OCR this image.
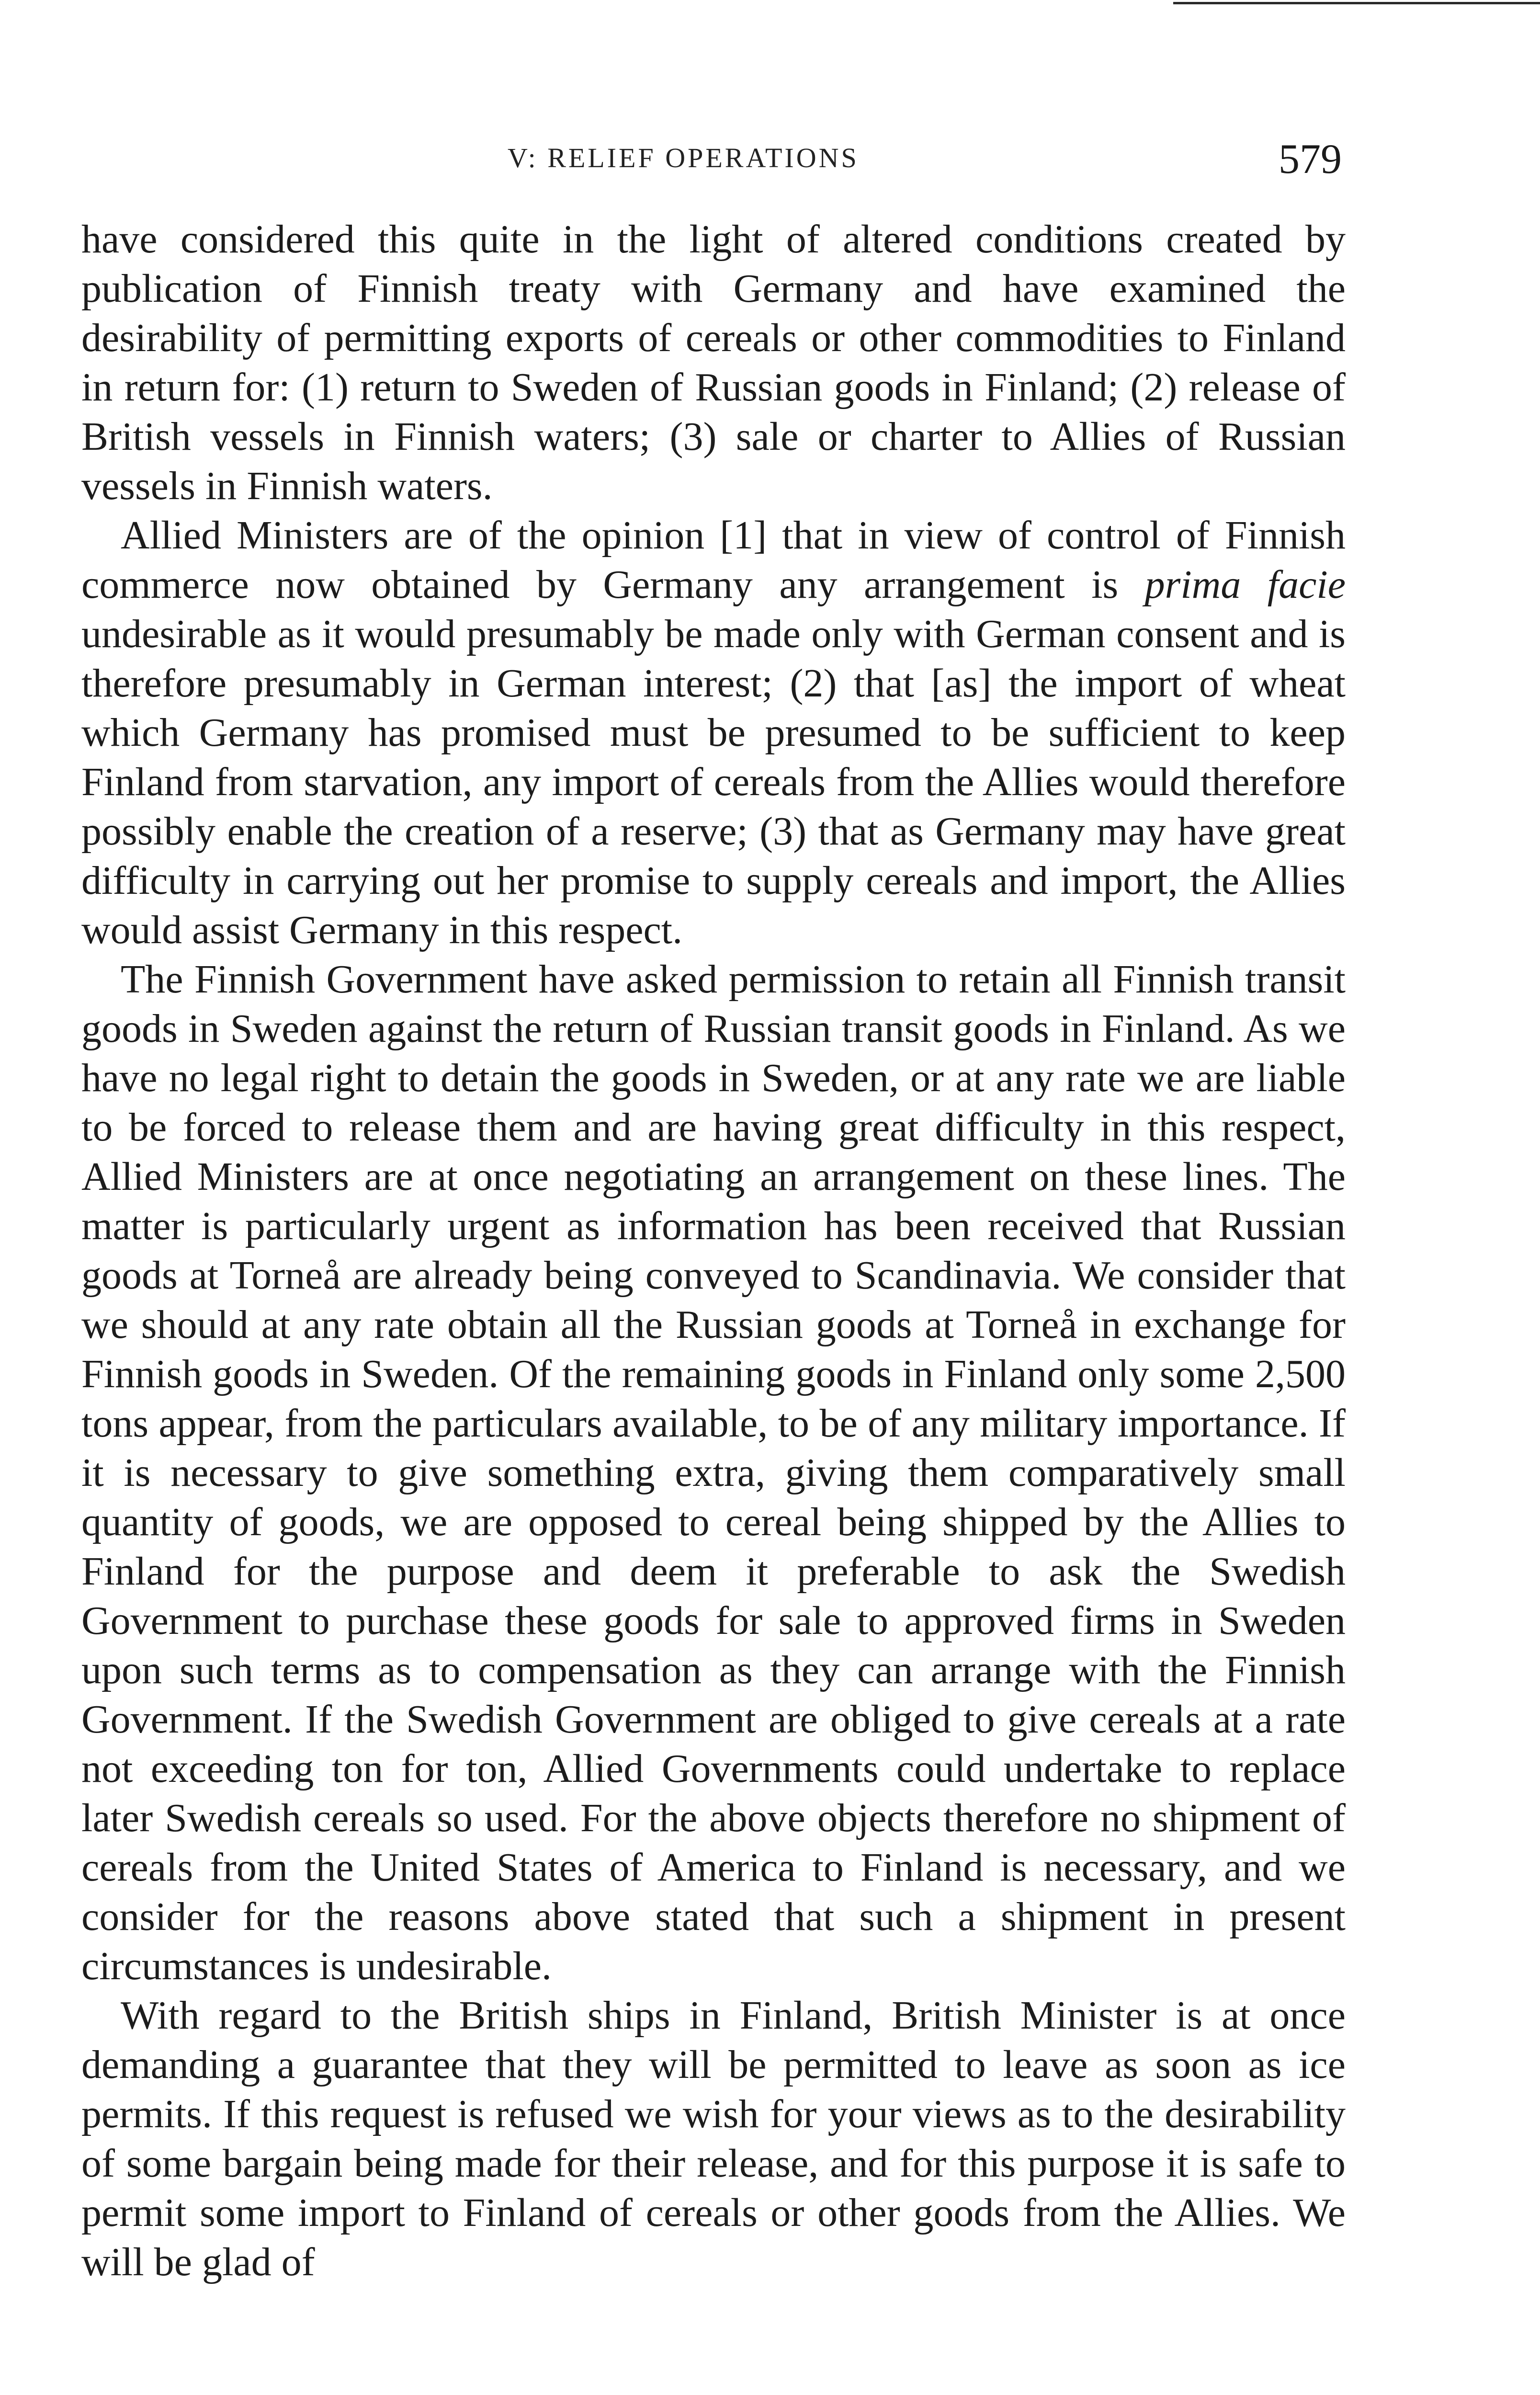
V: RELIEF OPERATIONS	579

have considered this quite in the light of altered conditions created by publication of Finnish treaty with Germany and have examined the desirability of permitting exports of cereals or other commodities to Finland in return for: (1) return to Sweden of Russian goods in Finland; (2) release of British vessels in Finnish waters; (3) sale or charter to Allies of Russian vessels in Finnish waters.

Allied Ministers are of the opinion [1] that in view of control of Finnish commerce now obtained by Germany any arrangement is prima facie undesirable as it would presumably be made only with German consent and is therefore presumably in German interest; (2) that [as] the import of wheat which Germany has promised must be presumed to be sufficient to keep Finland from starvation, any import of cereals from the Allies would therefore possibly enable the creation of a reserve; (3) that as Germany may have great difficulty in carrying out her promise to supply cereals and import, the Allies would assist Germany in this respect.

The Finnish Government have asked permission to retain all Finnish transit goods in Sweden against the return of Russian transit goods in Finland. As we have no legal right to detain the goods in Sweden, or at any rate we are liable to be forced to release them and are having great difficulty in this respect, Allied Ministers are at once negotiating an arrangement on these lines. The matter is particularly urgent as information has been received that Russian goods at Torneå are already being conveyed to Scandinavia. We consider that we should at any rate obtain all the Russian goods at Torneå in exchange for Finnish goods in Sweden. Of the remaining goods in Finland only some 2,500 tons appear, from the particulars available, to be of any military importance. If it is necessary to give something extra, giving them comparatively small quantity of goods, we are opposed to cereal being shipped by the Allies to Finland for the purpose and deem it preferable to ask the Swedish Government to purchase these goods for sale to approved firms in Sweden upon such terms as to compensation as they can arrange with the Finnish Government. If the Swedish Government are obliged to give cereals at a rate not exceeding ton for ton, Allied Governments could undertake to replace later Swedish cereals so used. For the above objects therefore no shipment of cereals from the United States of America to Finland is necessary, and we consider for the reasons above stated that such a shipment in present circumstances is undesirable.

With regard to the British ships in Finland, British Minister is at once demanding a guarantee that they will be permitted to leave as soon as ice permits. If this request is refused we wish for your views as to the desirability of some bargain being made for their release, and for this purpose it is safe to permit some import to Finland of cereals or other goods from the Allies. We will be glad of
